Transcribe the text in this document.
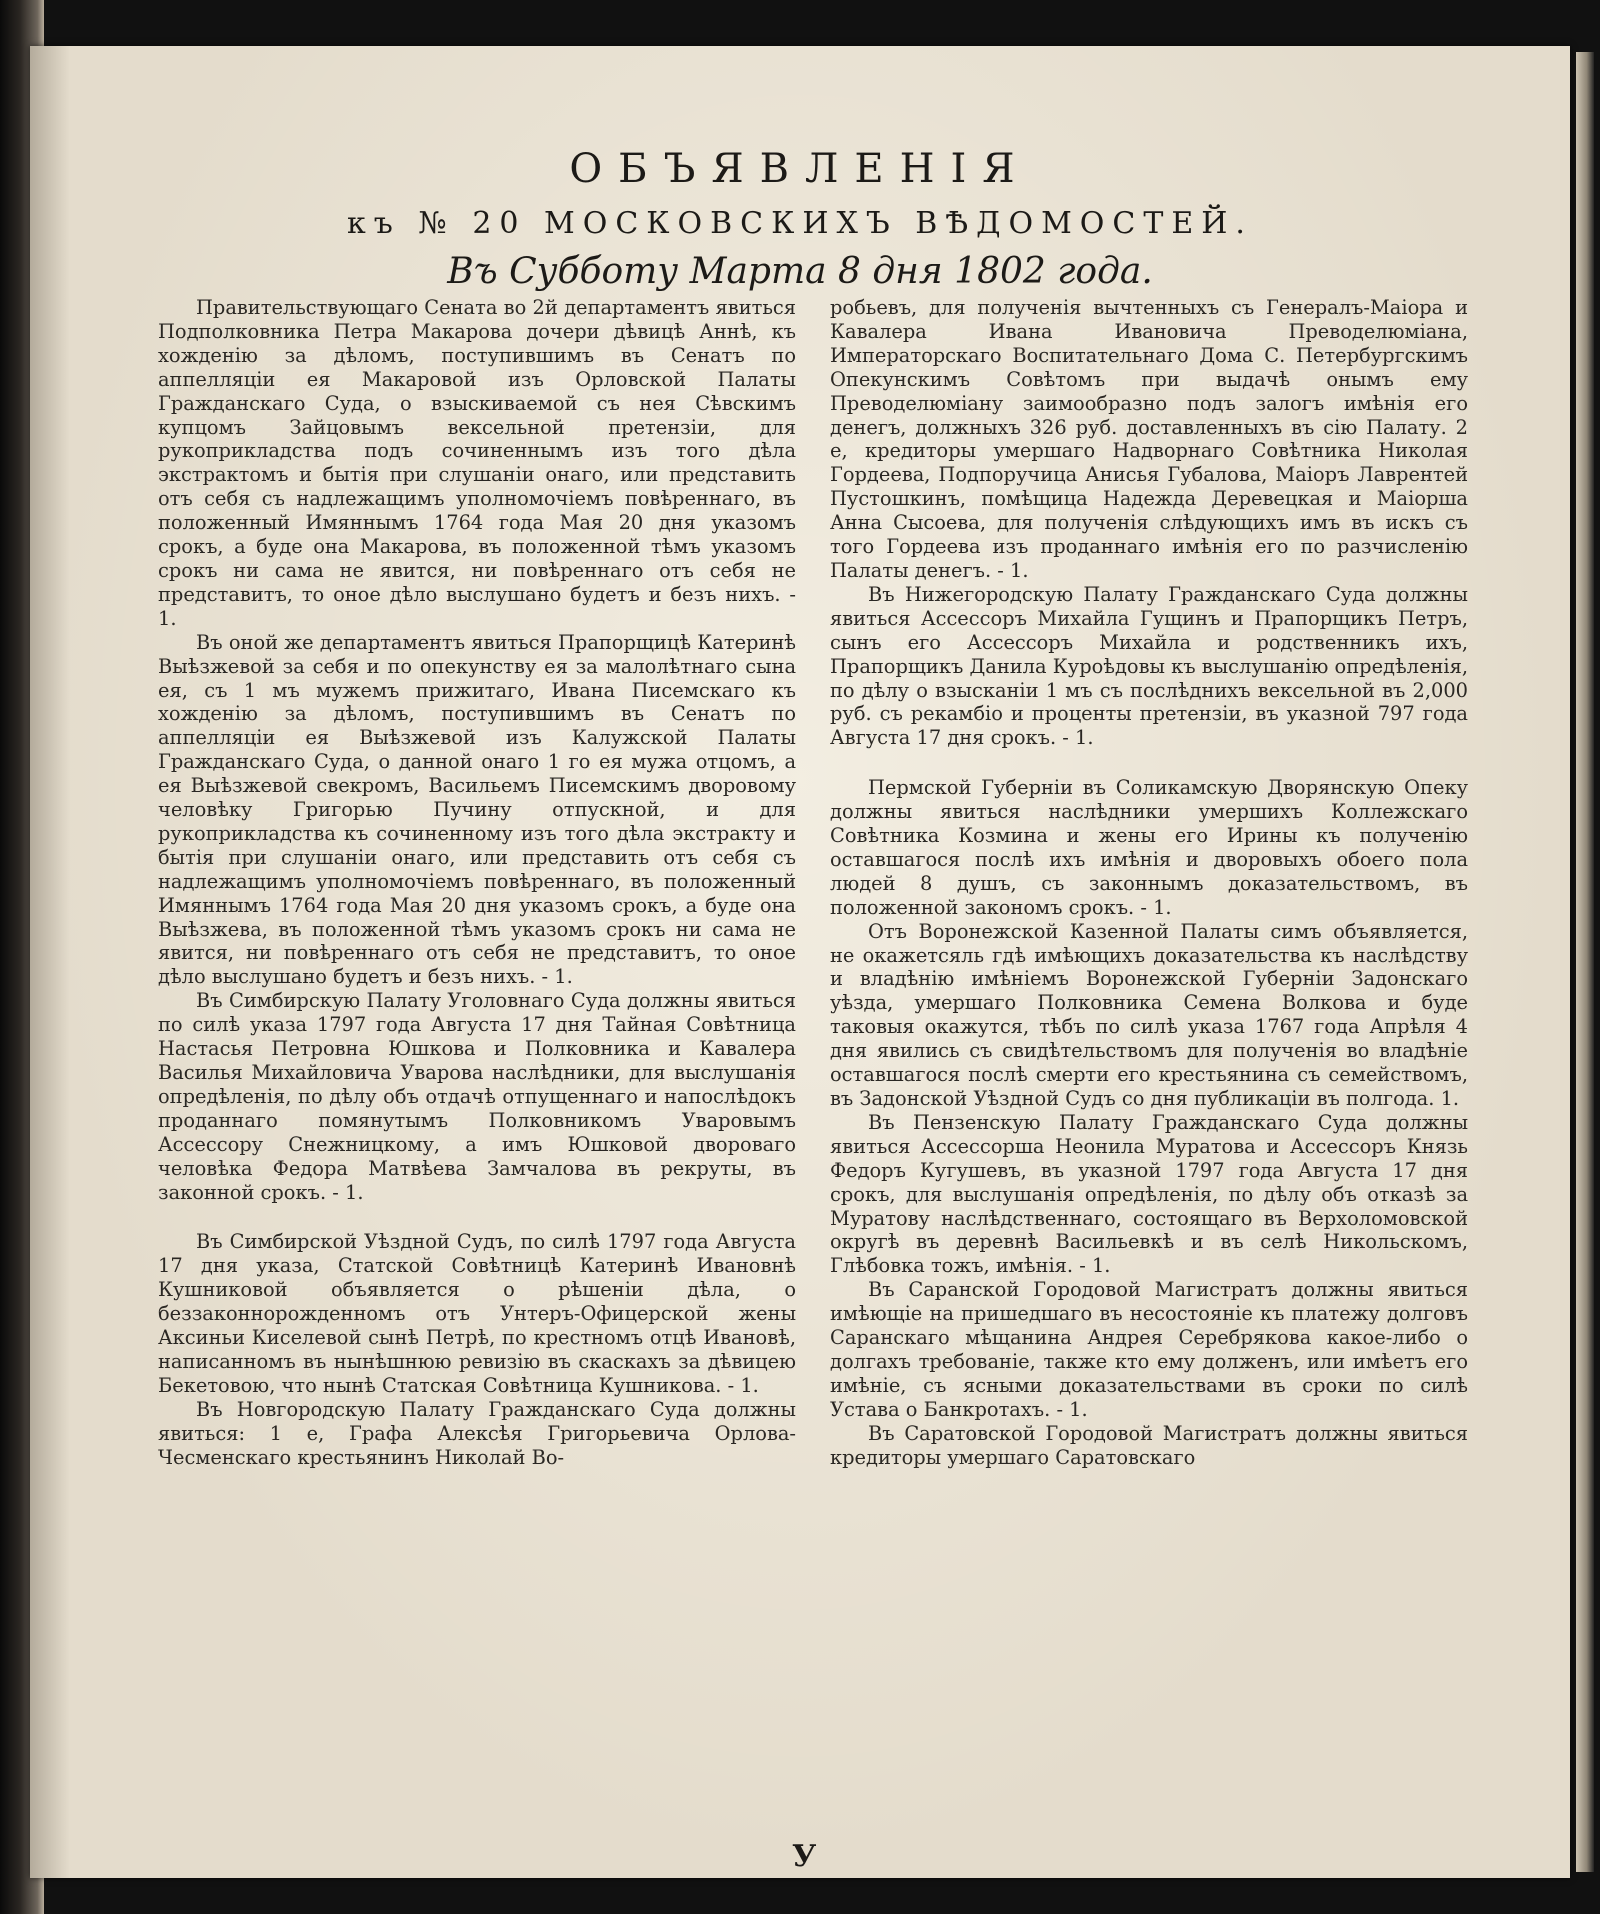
ОБЪЯВЛЕНІЯ
къ № 20 МОСКОВСКИХЪ ВѢДОМОСТЕЙ.
Въ Субботу Марта 8 дня 1802 года.

Правительствующаго Сената во 2й департаментъ явиться Подполковника Петра Макарова дочери дѣвицѣ Аннѣ, къ хожденію за дѣломъ, поступившимъ въ Сенатъ по аппелляціи ея Макаровой изъ Орловской Палаты Гражданскаго Суда, о взыскиваемой съ нея Сѣвскимъ купцомъ Зайцовымъ вексельной претензіи, для рукоприкладства подъ сочиненнымъ изъ того дѣла экстрактомъ и бытія при слушаніи онаго, или представить отъ себя съ надлежащимъ уполномочіемъ повѣреннаго, въ положенный Имяннымъ 1764 года Мая 20 дня указомъ срокъ, а буде она Макарова, въ положенной тѣмъ указомъ срокъ ни сама не явится, ни повѣреннаго отъ себя не представитъ, то оное дѣло выслушано будетъ и безъ нихъ. - 1.

Въ оной же департаментъ явиться Прапорщицѣ Катеринѣ Выѣзжевой за себя и по опекунству ея за малолѣтнаго сына ея, съ 1 мъ мужемъ прижитаго, Ивана Писемскаго къ хожденію за дѣломъ, поступившимъ въ Сенатъ по аппелляціи ея Выѣзжевой изъ Калужской Палаты Гражданскаго Суда, о данной онаго 1 го ея мужа отцомъ, а ея Выѣзжевой свекромъ, Васильемъ Писемскимъ дворовому человѣку Григорью Пучину отпускной, и для рукоприкладства къ сочиненному изъ того дѣла экстракту и бытія при слушаніи онаго, или представить отъ себя съ надлежащимъ уполномочіемъ повѣреннаго, въ положенный Имяннымъ 1764 года Мая 20 дня указомъ срокъ, а буде она Выѣзжева, въ положенной тѣмъ указомъ срокъ ни сама не явится, ни повѣреннаго отъ себя не представитъ, то оное дѣло выслушано будетъ и безъ нихъ. - 1.

Въ Симбирскую Палату Уголовнаго Суда должны явиться по силѣ указа 1797 года Августа 17 дня Тайная Совѣтница Настасья Петровна Юшкова и Полковника и Кавалера Василья Михайловича Уварова наслѣдники, для выслушанія опредѣленія, по дѣлу объ отдачѣ отпущеннаго и напослѣдокъ проданнаго помянутымъ Полковникомъ Уваровымъ Ассессору Снежницкому, а имъ Юшковой двороваго человѣка Федора Матвѣева Замчалова въ рекруты, въ законной срокъ. - 1.

Въ Симбирской Уѣздной Судъ, по силѣ 1797 года Августа 17 дня указа, Статской Совѣтницѣ Катеринѣ Ивановнѣ Кушниковой объявляется о рѣшеніи дѣла, о беззаконнорожденномъ отъ Унтеръ-Офицерской жены Аксиньи Киселевой сынѣ Петрѣ, по крестномъ отцѣ Ивановѣ, написанномъ въ нынѣшнюю ревизію въ скаскахъ за дѣвицею Бекетовою, что нынѣ Статская Совѣтница Кушникова. - 1.

Въ Новгородскую Палату Гражданскаго Суда должны явиться: 1 е, Графа Алексѣя Григорьевича Орлова-Чесменскаго крестьянинъ Николай Во-

робьевъ, для полученія вычтенныхъ съ Генералъ-Маіора и Кавалера Ивана Ивановича Преводелюміана, Императорскаго Воспитательнаго Дома С. Петербургскимъ Опекунскимъ Совѣтомъ при выдачѣ онымъ ему Преводелюміану заимообразно подъ залогъ имѣнія его денегъ, должныхъ 326 руб. доставленныхъ въ сію Палату. 2 е, кредиторы умершаго Надворнаго Совѣтника Николая Гордеева, Подпоручица Анисья Губалова, Маіоръ Лаврентей Пустошкинъ, помѣщица Надежда Деревецкая и Маіорша Анна Сысоева, для полученія слѣдующихъ имъ въ искъ съ того Гордеева изъ проданнаго имѣнія его по разчисленію Палаты денегъ. - 1.

Въ Нижегородскую Палату Гражданскаго Суда должны явиться Ассессоръ Михайла Гущинъ и Прапорщикъ Петръ, сынъ его Ассессоръ Михайла и родственникъ ихъ, Прапорщикъ Данила Куроѣдовы къ выслушанію опредѣленія, по дѣлу о взысканіи 1 мъ съ послѣднихъ вексельной въ 2,000 руб. съ рекамбіо и проценты претензіи, въ указной 797 года Августа 17 дня срокъ. - 1.

Пермской Губерніи въ Соликамскую Дворянскую Опеку должны явиться наслѣдники умершихъ Коллежскаго Совѣтника Козмина и жены его Ирины къ полученію оставшагося послѣ ихъ имѣнія и дворовыхъ обоего пола людей 8 душъ, съ законнымъ доказательствомъ, въ положенной закономъ срокъ. - 1.

Отъ Воронежской Казенной Палаты симъ объявляется, не окажетсяль гдѣ имѣющихъ доказательства къ наслѣдству и владѣнію имѣніемъ Воронежской Губерніи Задонскаго уѣзда, умершаго Полковника Семена Волкова и буде таковыя окажутся, тѣбъ по силѣ указа 1767 года Апрѣля 4 дня явились съ свидѣтельствомъ для полученія во владѣніе оставшагося послѣ смерти его крестьянина съ семействомъ, въ Задонской Уѣздной Судъ со дня публикаціи въ полгода. 1.

Въ Пензенскую Палату Гражданскаго Суда должны явиться Ассессорша Неонила Муратова и Ассессоръ Князь Федоръ Кугушевъ, въ указной 1797 года Августа 17 дня срокъ, для выслушанія опредѣленія, по дѣлу объ отказѣ за Муратову наслѣдственнаго, состоящаго въ Верхоломовской округѣ въ деревнѣ Васильевкѣ и въ селѣ Никольскомъ, Глѣбовка тожъ, имѣнія. - 1.

Въ Саранской Городовой Магистратъ должны явиться имѣющіе на пришедшаго въ несостояніе къ платежу долговъ Саранскаго мѣщанина Андрея Серебрякова какое-либо о долгахъ требованіе, также кто ему долженъ, или имѣетъ его имѣніе, съ ясными доказательствами въ сроки по силѣ Устава о Банкротахъ. - 1.

Въ Саратовской Городовой Магистратъ должны явиться кредиторы умершаго Саратовскаго

У
